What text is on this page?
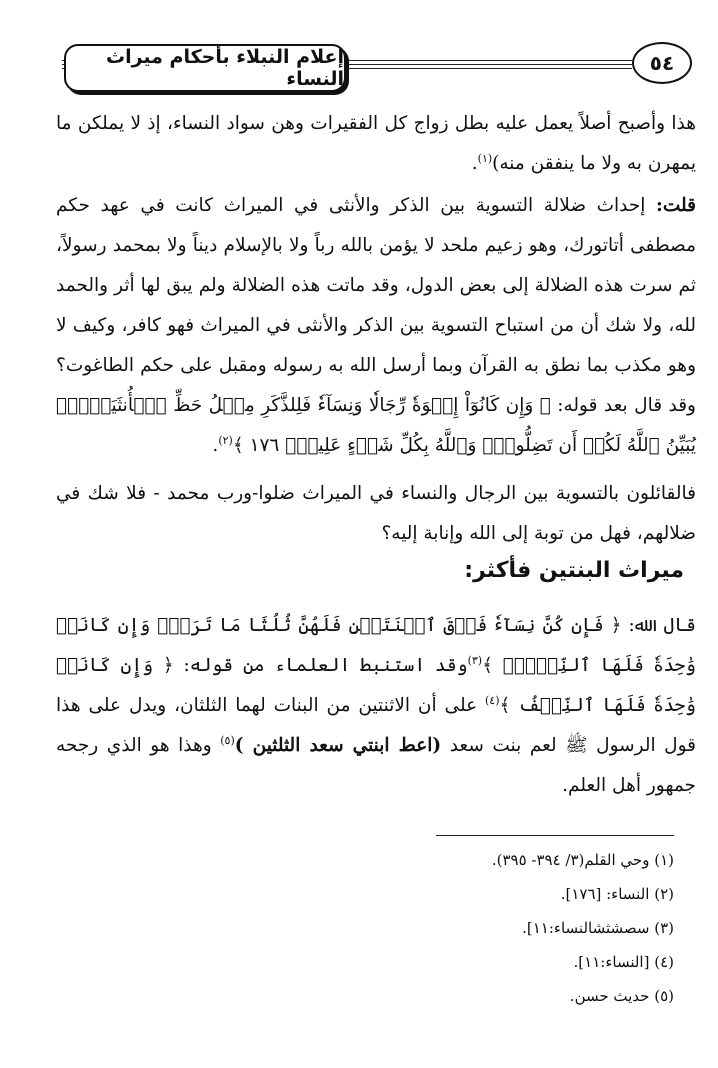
إعلام النبلاء بأحكام ميراث النساء
٥٤
هذا وأصبح أصلاً يعمل عليه بطل زواج كل الفقيرات وهن سواد النساء، إذ لا يملكن ما يمهرن به ولا ما ينفقن منه)$^{(١)}$.
قلت: إحداث ضلالة التسوية بين الذكر والأنثى في الميراث كانت في عهد حكم مصطفى أتاتورك، وهو زعيم ملحد لا يؤمن بالله رباً ولا بالإسلام ديناً ولا بمحمد رسولاً، ثم سرت هذه الضلالة إلى بعض الدول، وقد ماتت هذه الضلالة ولم يبق لها أثر والحمد لله، ولا شك أن من استباح التسوية بين الذكر والأنثى في الميراث فهو كافر، وكيف لا وهو مكذب بما نطق به القرآن وبما أرسل الله به رسوله ومقبل على حكم الطاغوت؟ وقد قال بعد قوله: ﴿ وَإِن كَانُوٓاْ إِخۡوَةٗ رِّجَالٗا وَنِسَآءٗ فَلِلذَّكَرِ مِثۡلُ حَظِّ ٱلۡأُنثَيَيۡنِۗ يُبَيِّنُ ٱللَّهُ لَكُمۡ أَن تَضِلُّواْۗ وَٱللَّهُ بِكُلِّ شَيۡءٍ عَلِيمُۢ ١٧٦ ﴾$^{(٢)}$.
فالقائلون بالتسوية بين الرجال والنساء في الميراث ضلوا-ورب محمد - فلا شك في ضلالهم، فهل من توبة إلى الله وإنابة إليه؟
ميراث البنتين فأكثر:
قال الله: ﴿ فَإِن كُنَّ نِسَآءٗ فَوۡقَ ٱثۡنَتَيۡنِ فَلَهُنَّ ثُلُثَا مَا تَرَكَۖ وَإِن كَانَتۡ وَٰحِدَةٗ فَلَهَا ٱلنِّصۡفُۚ ﴾$^{(٣)}$وقد استنبط العلماء من قوله: ﴿ وَإِن كَانَتۡ وَٰحِدَةٗ فَلَهَا ٱلنِّصۡفُ ﴾$^{(٤)}$ على أن الاثنتين من البنات لهما الثلثان، ويدل على هذا قول الرسول ﷺ لعم بنت سعد (اعط ابنتي سعد الثلثين )$^{(٥)}$ وهذا هو الذي رجحه جمهور أهل العلم.
(١) وحي القلم(٣/ ٣٩٤- ٣٩٥).
(٢) النساء: [١٧٦].
(٣) سصشثشالنساء:١١].
(٤) [النساء:١١].
(٥) حديث حسن.
